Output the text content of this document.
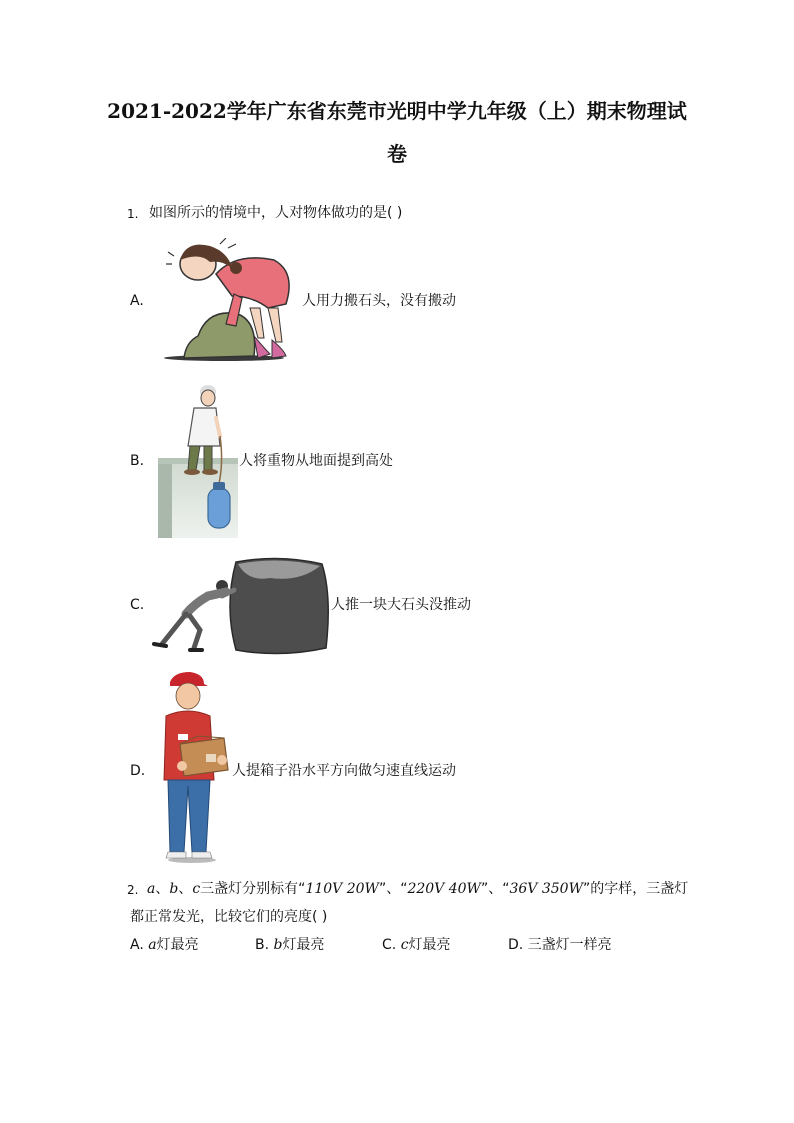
2021-2022学年广东省东莞市光明中学九年级（上）期末物理试
卷
1. 如图所示的情境中，人对物体做功的是( )
A.	人用力搬石头，没有搬动
B.	人将重物从地面提到高处
C.	人推一块大石头没推动
D.	人提箱子沿水平方向做匀速直线运动
2. a、b、c三盏灯分别标有“110V 20W”、“220V 40W”、“36V 350W”的字样，三盏灯
都正常发光，比较它们的亮度( )
A. a灯最亮	B. b灯最亮	C. c灯最亮	D. 三盏灯一样亮
